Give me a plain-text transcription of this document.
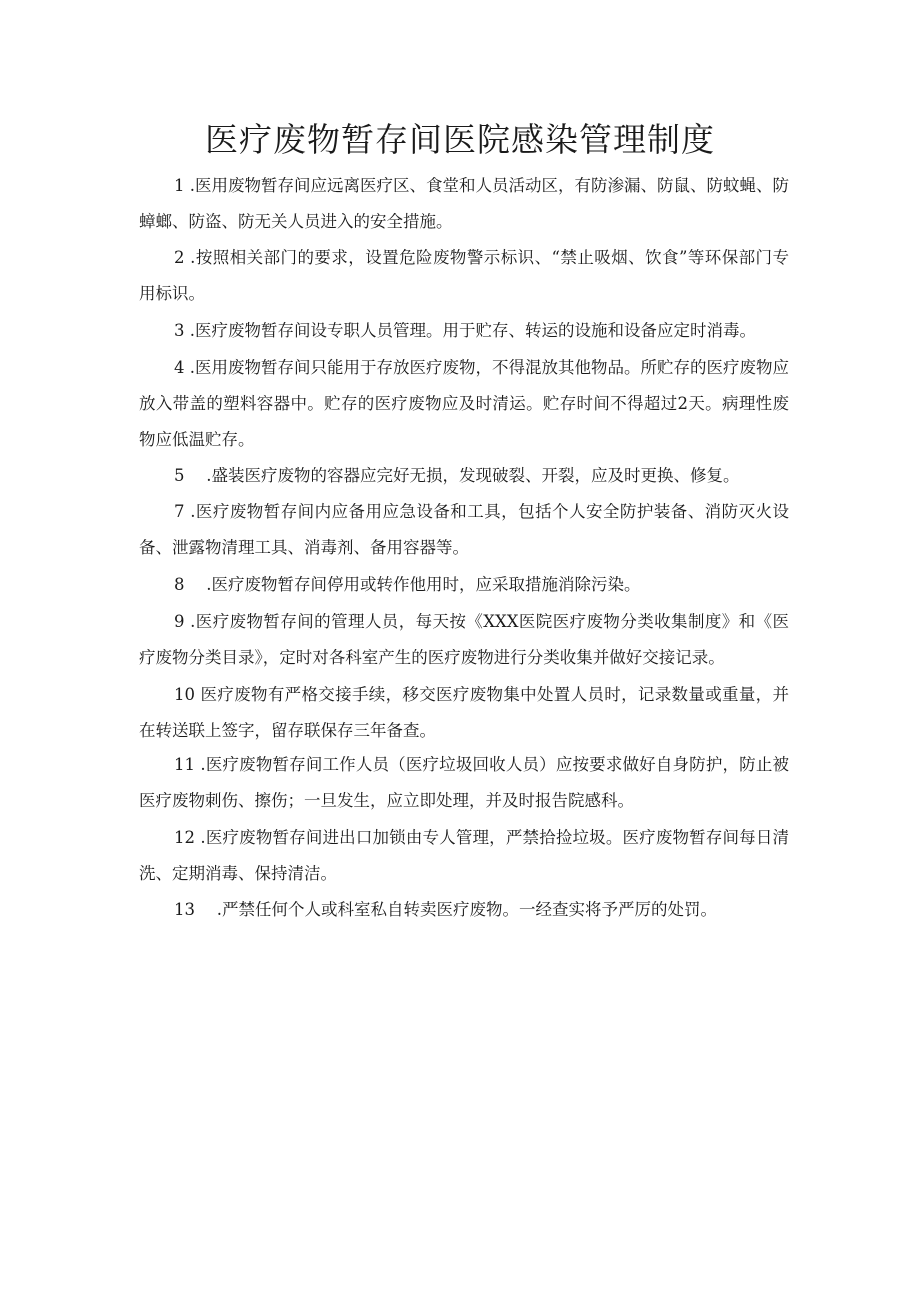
医疗废物暂存间医院感染管理制度

1 .医用废物暂存间应远离医疗区、食堂和人员活动区，有防渗漏、防鼠、防蚊蝇、防蟑螂、防盗、防无关人员进入的安全措施。

2 .按照相关部门的要求，设置危险废物警示标识、“禁止吸烟、饮食”等环保部门专用标识。

3 .医疗废物暂存间设专职人员管理。用于贮存、转运的设施和设备应定时消毒。

4 .医用废物暂存间只能用于存放医疗废物，不得混放其他物品。所贮存的医疗废物应放入带盖的塑料容器中。贮存的医疗废物应及时清运。贮存时间不得超过2天。病理性废物应低温贮存。

5 　.盛装医疗废物的容器应完好无损，发现破裂、开裂，应及时更换、修复。

7 .医疗废物暂存间内应备用应急设备和工具，包括个人安全防护装备、消防灭火设备、泄露物清理工具、消毒剂、备用容器等。

8 　.医疗废物暂存间停用或转作他用时，应采取措施消除污染。

9 .医疗废物暂存间的管理人员，每天按《XXX医院医疗废物分类收集制度》和《医疗废物分类目录》，定时对各科室产生的医疗废物进行分类收集并做好交接记录。

10 医疗废物有严格交接手续，移交医疗废物集中处置人员时，记录数量或重量，并在转送联上签字，留存联保存三年备查。

11 .医疗废物暂存间工作人员（医疗垃圾回收人员）应按要求做好自身防护，防止被医疗废物刺伤、擦伤；一旦发生，应立即处理，并及时报告院感科。

12 .医疗废物暂存间进出口加锁由专人管理，严禁拾捡垃圾。医疗废物暂存间每日清洗、定期消毒、保持清洁。

13 　.严禁任何个人或科室私自转卖医疗废物。一经查实将予严厉的处罚。
